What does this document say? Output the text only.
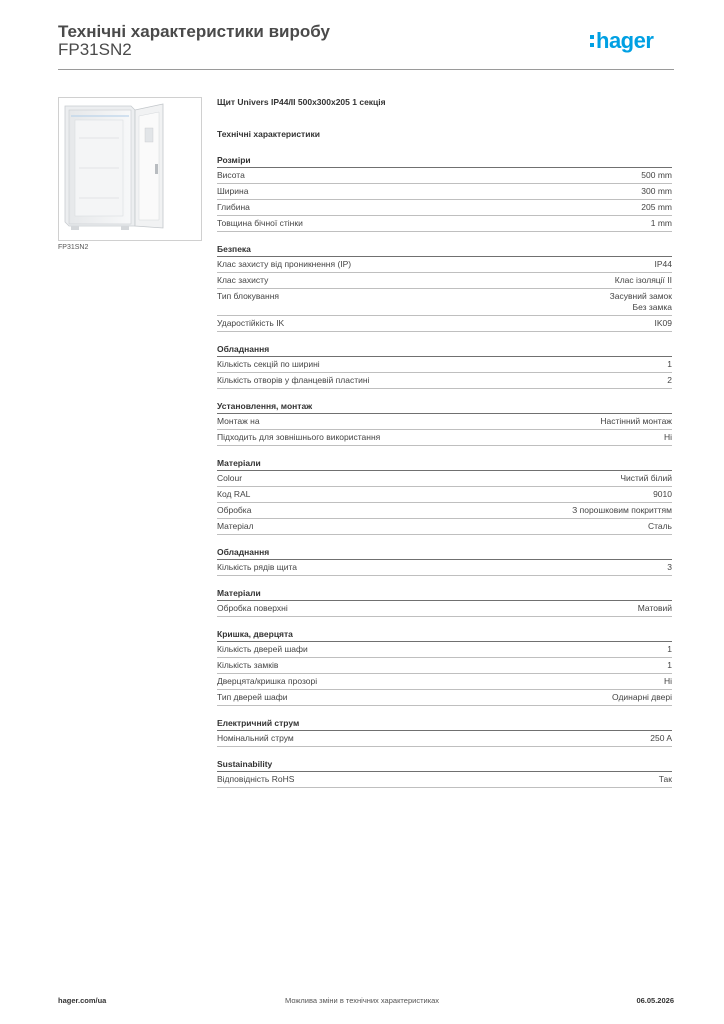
Технічні характеристики виробу
FP31SN2	hager
FP31SN2
Щит Univers IP44/II 500x300x205 1 секція
Технічні характеристики
Розміри
Висота	500 mm
Ширина	300 mm
Глибина	205 mm
Товщина бічної стінки	1 mm
Безпека
Клас захисту від проникнення (IP)	IP44
Клас захисту	Клас ізоляції II
Тип блокування	Засувний замок
Без замка
Ударостійкість IK	IK09
Обладнання
Кількість секцій по ширині	1
Кількість отворів у фланцевій пластині	2
Установлення, монтаж
Монтаж на	Настінний монтаж
Підходить для зовнішнього використання	Ні
Матеріали
Colour	Чистий білий
Код RAL	9010
Обробка	З порошковим покриттям
Матеріал	Сталь
Обладнання
Кількість рядів щита	3
Матеріали
Обробка поверхні	Матовий
Кришка, дверцята
Кількість дверей шафи	1
Кількість замків	1
Дверцята/кришка прозорі	Ні
Тип дверей шафи	Одинарні двері
Електричний струм
Номінальний струм	250 A
Sustainability
Відповідність RoHS	Так
hager.com/ua	Можлива зміни в технічних характеристиках	06.05.2026
